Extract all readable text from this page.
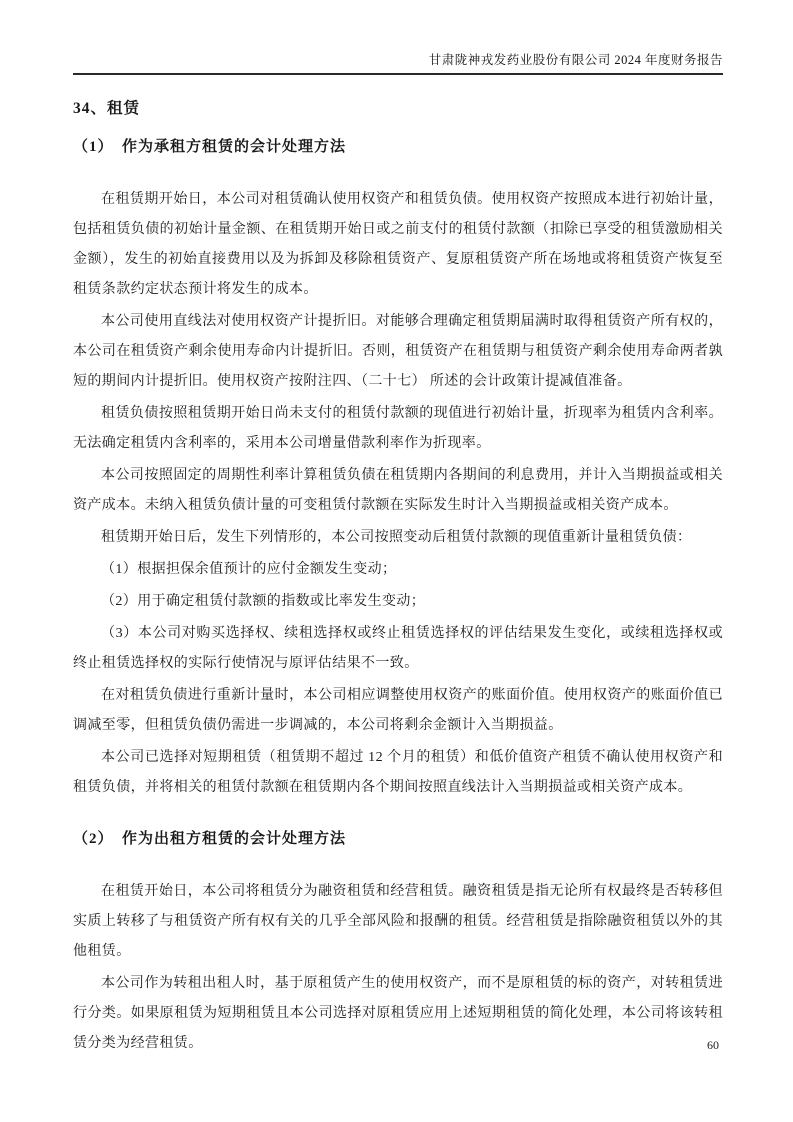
甘肃陇神戎发药业股份有限公司 2024 年度财务报告
34、租赁
（1）　作为承租方租赁的会计处理方法

在租赁期开始日，本公司对租赁确认使用权资产和租赁负债。使用权资产按照成本进行初始计量，包括租赁负债的初始计量金额、在租赁期开始日或之前支付的租赁付款额（扣除已享受的租赁激励相关金额），发生的初始直接费用以及为拆卸及移除租赁资产、复原租赁资产所在场地或将租赁资产恢复至租赁条款约定状态预计将发生的成本。

本公司使用直线法对使用权资产计提折旧。对能够合理确定租赁期届满时取得租赁资产所有权的，本公司在租赁资产剩余使用寿命内计提折旧。否则，租赁资产在租赁期与租赁资产剩余使用寿命两者孰短的期间内计提折旧。使用权资产按附注四、（二十七） 所述的会计政策计提减值准备。

租赁负债按照租赁期开始日尚未支付的租赁付款额的现值进行初始计量，折现率为租赁内含利率。无法确定租赁内含利率的，采用本公司增量借款利率作为折现率。

本公司按照固定的周期性利率计算租赁负债在租赁期内各期间的利息费用，并计入当期损益或相关资产成本。未纳入租赁负债计量的可变租赁付款额在实际发生时计入当期损益或相关资产成本。

租赁期开始日后，发生下列情形的，本公司按照变动后租赁付款额的现值重新计量租赁负债：

（1）根据担保余值预计的应付金额发生变动；

（2）用于确定租赁付款额的指数或比率发生变动；

（3）本公司对购买选择权、续租选择权或终止租赁选择权的评估结果发生变化，或续租选择权或终止租赁选择权的实际行使情况与原评估结果不一致。

在对租赁负债进行重新计量时，本公司相应调整使用权资产的账面价值。使用权资产的账面价值已调减至零，但租赁负债仍需进一步调减的，本公司将剩余金额计入当期损益。

本公司已选择对短期租赁（租赁期不超过 12 个月的租赁）和低价值资产租赁不确认使用权资产和租赁负债，并将相关的租赁付款额在租赁期内各个期间按照直线法计入当期损益或相关资产成本。

（2）　作为出租方租赁的会计处理方法

在租赁开始日，本公司将租赁分为融资租赁和经营租赁。融资租赁是指无论所有权最终是否转移但实质上转移了与租赁资产所有权有关的几乎全部风险和报酬的租赁。经营租赁是指除融资租赁以外的其他租赁。

本公司作为转租出租人时，基于原租赁产生的使用权资产，而不是原租赁的标的资产，对转租赁进行分类。如果原租赁为短期租赁且本公司选择对原租赁应用上述短期租赁的简化处理，本公司将该转租赁分类为经营租赁。	60
